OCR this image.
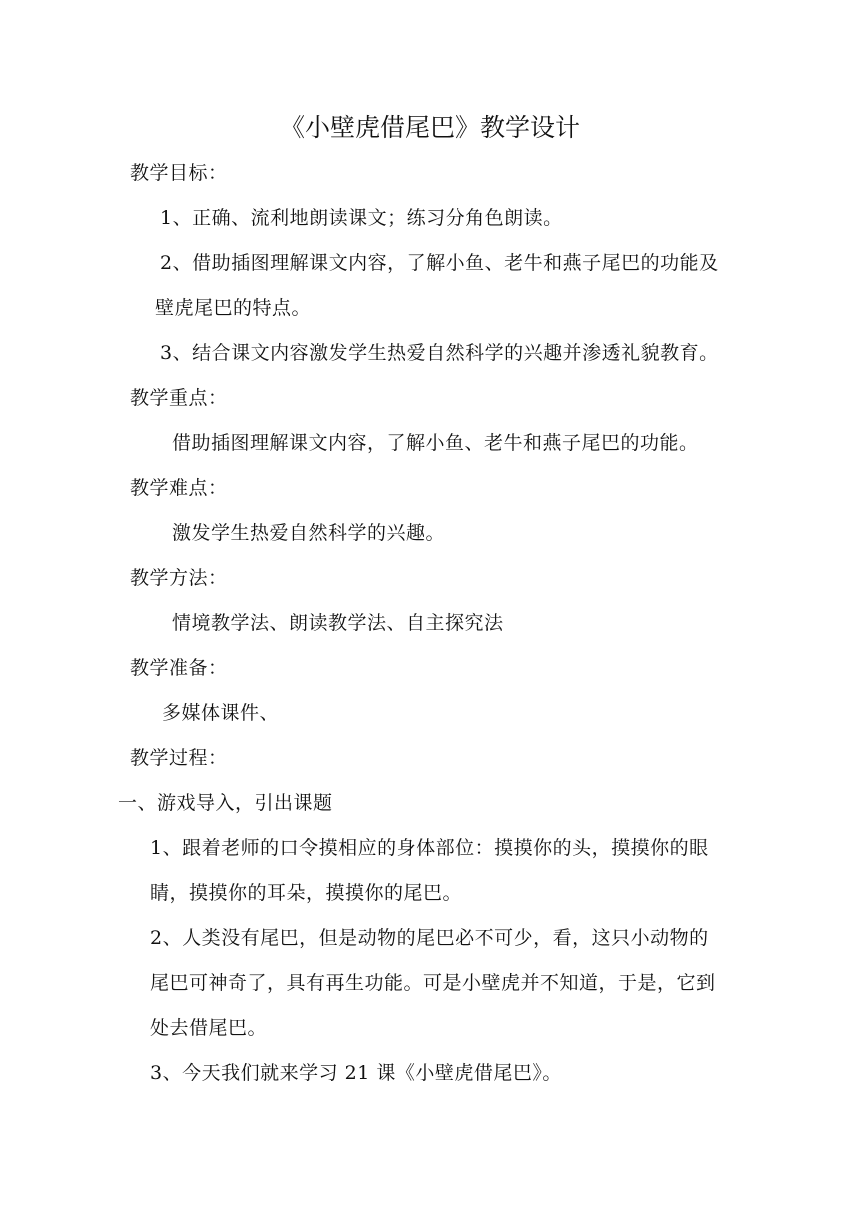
《小壁虎借尾巴》教学设计
教学目标：
1、正确、流利地朗读课文；练习分角色朗读。
2、借助插图理解课文内容，了解小鱼、老牛和燕子尾巴的功能及
壁虎尾巴的特点。
3、结合课文内容激发学生热爱自然科学的兴趣并渗透礼貌教育。
教学重点：
借助插图理解课文内容，了解小鱼、老牛和燕子尾巴的功能。
教学难点：
激发学生热爱自然科学的兴趣。
教学方法：
情境教学法、朗读教学法、自主探究法
教学准备：
多媒体课件、
教学过程：
一、游戏导入，引出课题
1、跟着老师的口令摸相应的身体部位：摸摸你的头，摸摸你的眼
睛，摸摸你的耳朵，摸摸你的尾巴。
2、人类没有尾巴，但是动物的尾巴必不可少，看，这只小动物的
尾巴可神奇了，具有再生功能。可是小壁虎并不知道，于是，它到
处去借尾巴。
3、今天我们就来学习 21 课《小壁虎借尾巴》。
